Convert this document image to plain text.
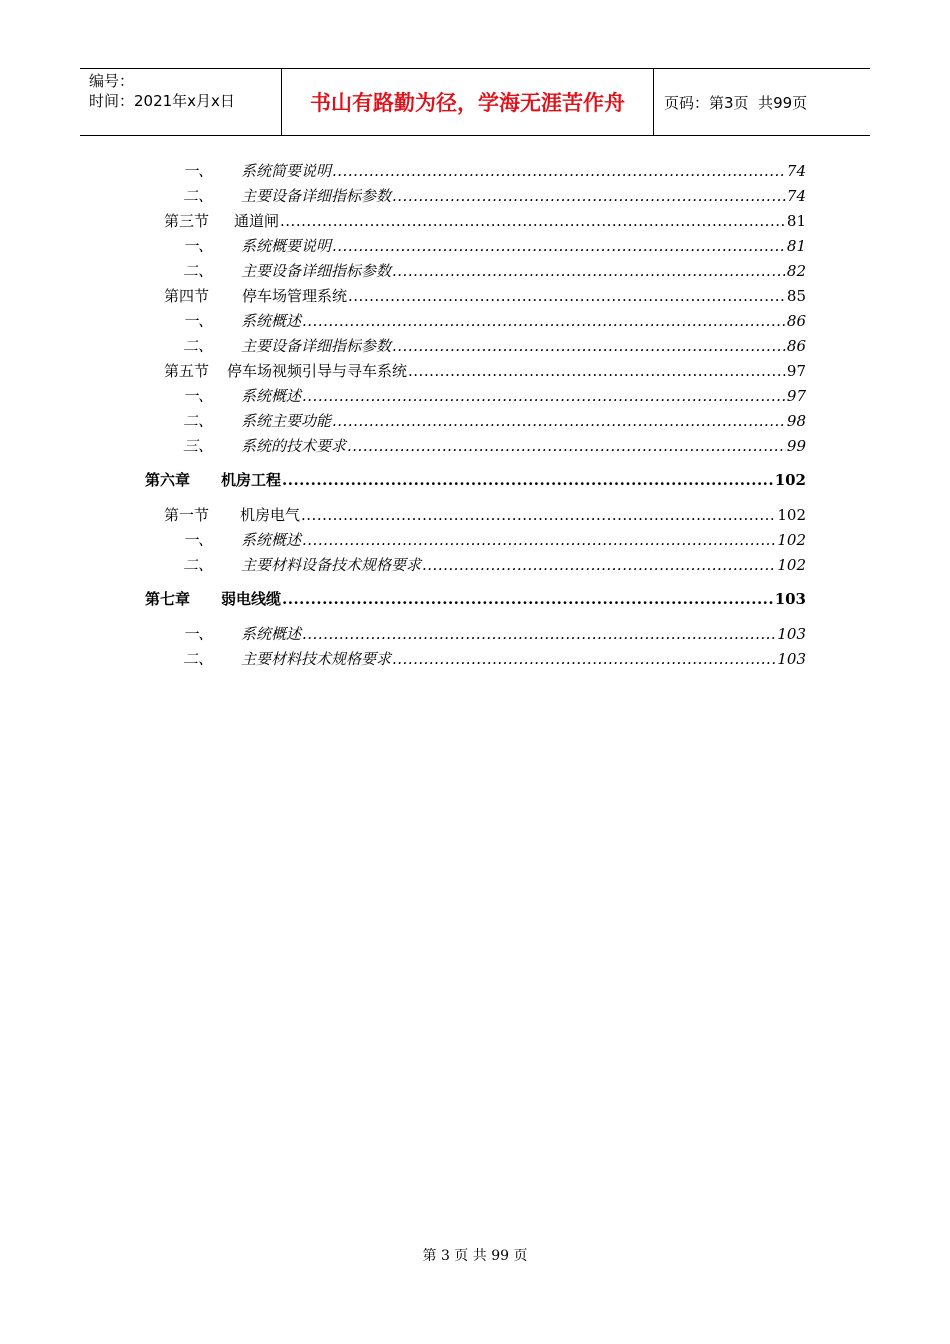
编号：
时间：2021年x月x日	书山有路勤为径，学海无涯苦作舟	页码：第3页  共99页
一、	系统简要说明 .....	74
二、	主要设备详细指标参数 .....	74
第三节	通道闸 .....	81
一、	系统概要说明 .....	81
二、	主要设备详细指标参数 .....	82
第四节	停车场管理系统 .....	85
一、	系统概述 .....	86
二、	主要设备详细指标参数 .....	86
第五节	停车场视频引导与寻车系统 .....	97
一、	系统概述 .....	97
二、	系统主要功能 .....	98
三、	系统的技术要求 .....	99
第六章	机房工程 .....	102
第一节	机房电气 .....	102
一、	系统概述 .....	102
二、	主要材料设备技术规格要求 .....	102
第七章	弱电线缆 .....	103
一、	系统概述 .....	103
二、	主要材料技术规格要求 .....	103
第 3 页 共 99 页
